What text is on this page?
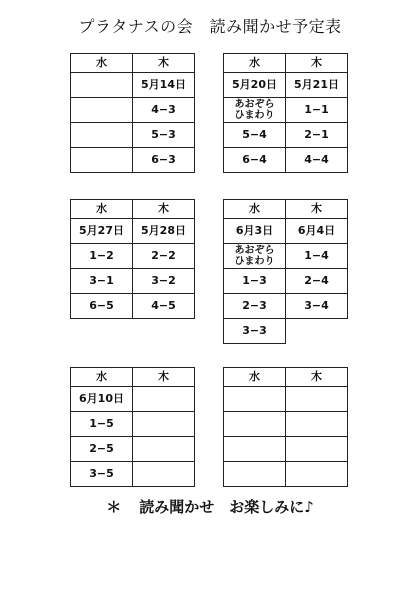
プラタナスの会　読み聞かせ予定表
水	木
	5月14日
	4−3
	5−3
	6−3
水	木
5月20日	5月21日
あおぞら
ひまわり	1−1
5−4	2−1
6−4	4−4
水	木
5月27日	5月28日
1−2	2−2
3−1	3−2
6−5	4−5
水	木
6月3日	6月4日
あおぞら
ひまわり	1−4
1−3	2−4
2−3	3−4
3−3	
水	木
6月10日	
1−5	
2−5	
3−5	
水	木

＊ 読み聞かせ　お楽しみに♪
